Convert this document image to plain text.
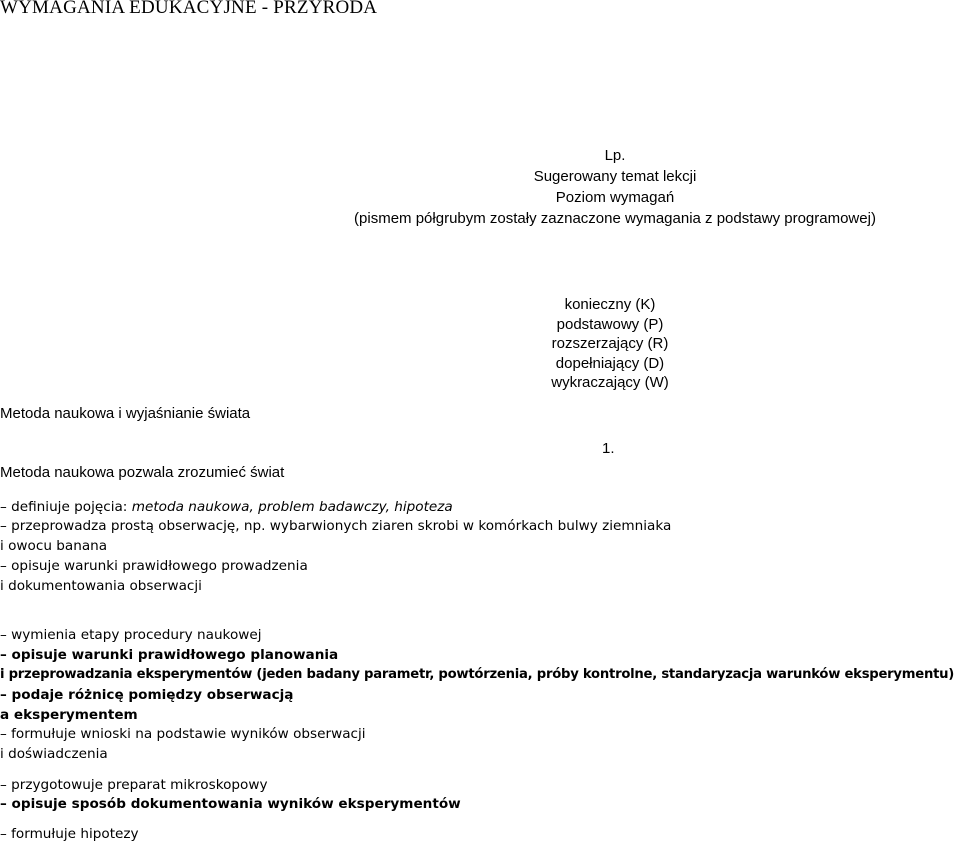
WYMAGANIA EDUKACYJNE - PRZYRODA
Lp.
Sugerowany temat lekcji
Poziom wymagań
(pismem półgrubym zostały zaznaczone wymagania z podstawy programowej)
konieczny (K)
podstawowy (P)
rozszerzający (R)
dopełniający (D)
wykraczający (W)
Metoda naukowa i wyjaśnianie świata
1.
Metoda naukowa pozwala zrozumieć świat
– definiuje pojęcia: metoda naukowa, problem badawczy, hipoteza
– przeprowadza prostą obserwację, np. wybarwionych ziaren skrobi w komórkach bulwy ziemniaka
i owocu banana
– opisuje warunki prawidłowego prowadzenia
i dokumentowania obserwacji
– wymienia etapy procedury naukowej
– opisuje warunki prawidłowego planowania
i przeprowadzania eksperymentów (jeden badany parametr, powtórzenia, próby kontrolne, standaryzacja warunków eksperymentu)
– podaje różnicę pomiędzy obserwacją
a eksperymentem
– formułuje wnioski na podstawie wyników obserwacji
i doświadczenia
– przygotowuje preparat mikroskopowy
– opisuje sposób dokumentowania wyników eksperymentów
– formułuje hipotezy
